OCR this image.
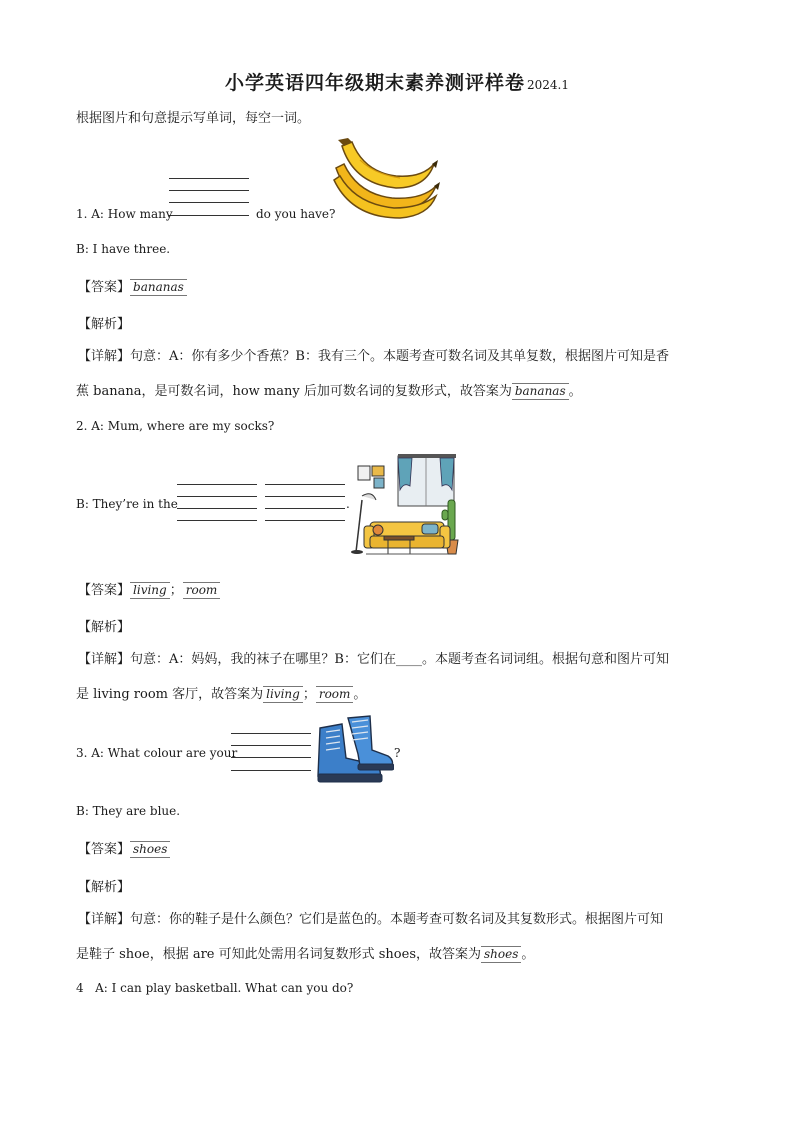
小学英语四年级期末素养测评样卷 2024.1
根据图片和句意提示写单词，每空一词。
1. A: How many	do you have?
B: I have three.
【答案】 bananas
【解析】
【详解】句意：A：你有多少个香蕉？B：我有三个。本题考查可数名词及其单复数，根据图片可知是香
蕉 banana，是可数名词，how many 后加可数名词的复数形式，故答案为 bananas 。
2. A: Mum, where are my socks?
B: They’re in the	.
【答案】 living ； room
【解析】
【详解】句意：A：妈妈，我的袜子在哪里？B：它们在____。本题考查名词词组。根据句意和图片可知
是 living room 客厅，故答案为 living ； room 。
3. A: What colour are your	?
B: They are blue.
【答案】 shoes
【解析】
【详解】句意：你的鞋子是什么颜色？它们是蓝色的。本题考查可数名词及其复数形式。根据图片可知
是鞋子 shoe，根据 are 可知此处需用名词复数形式 shoes，故答案为 shoes 。
4   A: I can play basketball. What can you do?
